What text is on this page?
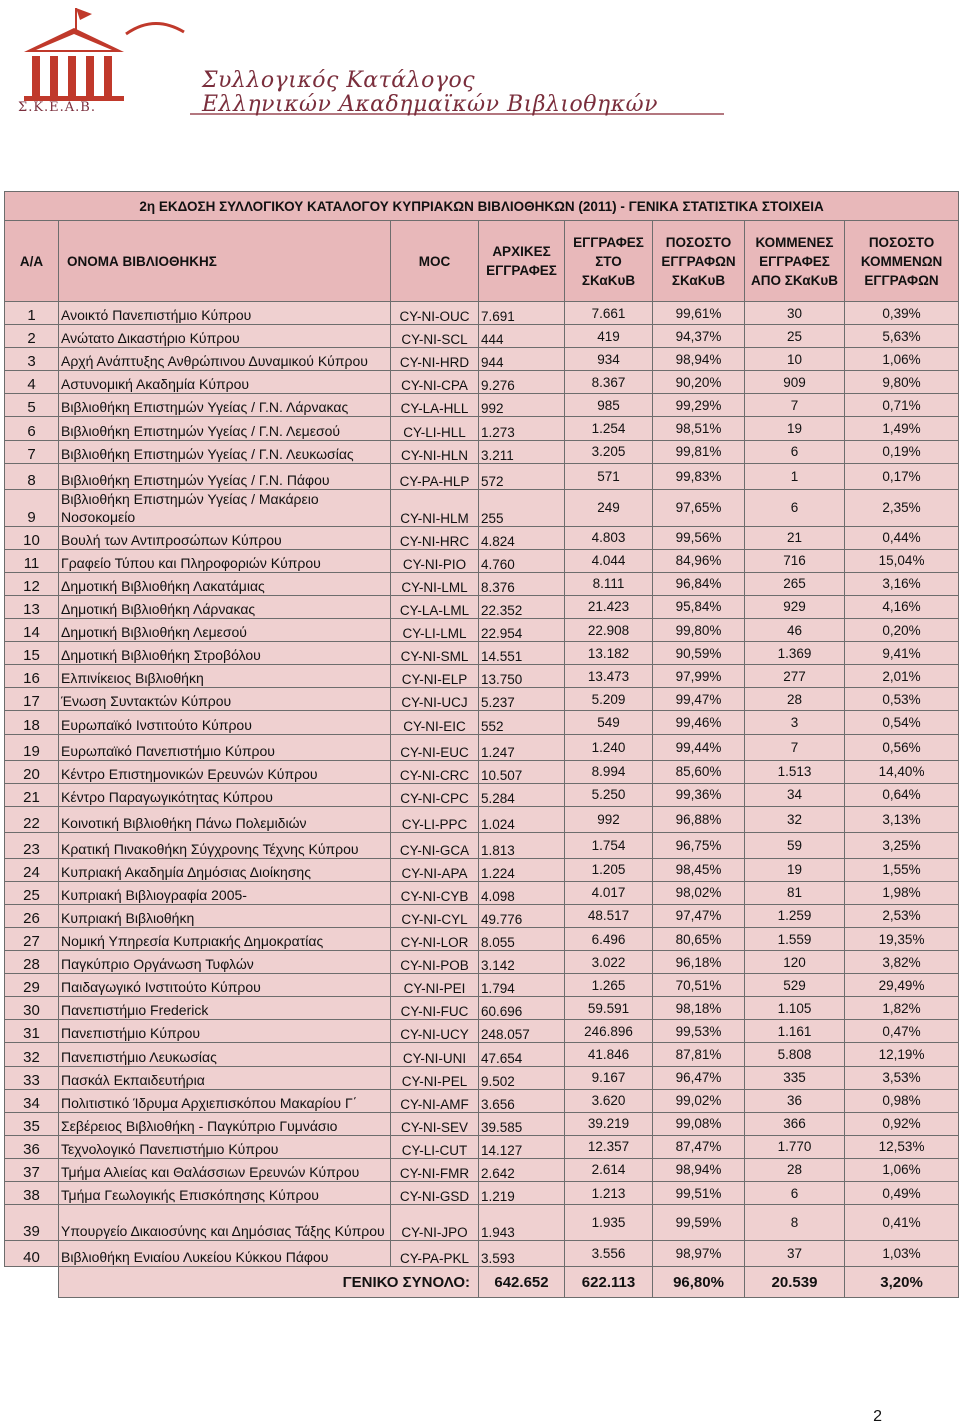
Σ.Κ.Ε.Α.Β.
Συλλογικός Κατάλογος
Ελληνικών Ακαδημαϊκών Βιβλιοθηκών
2η ΕΚΔΟΣΗ ΣΥΛΛΟΓΙΚΟΥ ΚΑΤΑΛΟΓΟΥ ΚΥΠΡΙΑΚΩΝ ΒΙΒΛΙΟΘΗΚΩΝ (2011) - ΓΕΝΙΚΑ ΣΤΑΤΙΣΤΙΚΑ ΣΤΟΙΧΕΙΑ							
Α/Α	ΟΝΟΜΑ ΒΙΒΛΙΟΘΗΚΗΣ	MOC	ΑΡΧΙΚΕΣ ΕΓΓΡΑΦΕΣ	ΕΓΓΡΑΦΕΣ ΣΤΟ ΣΚαΚυΒ	ΠΟΣΟΣΤΟ ΕΓΓΡΑΦΩΝ ΣΚαΚυΒ	ΚΟΜΜΕΝΕΣ ΕΓΓΡΑΦΕΣ ΑΠΟ ΣΚαΚυΒ	ΠΟΣΟΣΤΟ ΚΟΜΜΕΝΩΝ ΕΓΓΡΑΦΩΝ
1	Ανοικτό Πανεπιστήμιο Κύπρου	CY-NI-OUC	7.691	7.661	99,61%	30	0,39%
2	Ανώτατο Δικαστήριο Κύπρου	CY-NI-SCL	444	419	94,37%	25	5,63%
3	Αρχή Ανάπτυξης Ανθρώπινου Δυναμικού Κύπρου	CY-NI-HRD	944	934	98,94%	10	1,06%
4	Αστυνομική Ακαδημία Κύπρου	CY-NI-CPA	9.276	8.367	90,20%	909	9,80%
5	Βιβλιοθήκη Επιστημών Υγείας / Γ.Ν. Λάρνακας	CY-LA-HLL	992	985	99,29%	7	0,71%
6	Βιβλιοθήκη Επιστημών Υγείας / Γ.Ν. Λεμεσού	CY-LI-HLL	1.273	1.254	98,51%	19	1,49%
7	Βιβλιοθήκη Επιστημών Υγείας / Γ.Ν. Λευκωσίας	CY-NI-HLN	3.211	3.205	99,81%	6	0,19%
8	Βιβλιοθήκη Επιστημών Υγείας / Γ.Ν. Πάφου	CY-PA-HLP	572	571	99,83%	1	0,17%
9	Βιβλιοθήκη Επιστημών Υγείας / Μακάρειο Νοσοκομείο	CY-NI-HLM	255	249	97,65%	6	2,35%
10	Βουλή των Αντιπροσώπων Κύπρου	CY-NI-HRC	4.824	4.803	99,56%	21	0,44%
11	Γραφείο Τύπου και Πληροφοριών Κύπρου	CY-NI-PIO	4.760	4.044	84,96%	716	15,04%
12	Δημοτική Βιβλιοθήκη Λακατάμιας	CY-NI-LML	8.376	8.111	96,84%	265	3,16%
13	Δημοτική Βιβλιοθήκη Λάρνακας	CY-LA-LML	22.352	21.423	95,84%	929	4,16%
14	Δημοτική Βιβλιοθήκη Λεμεσού	CY-LI-LML	22.954	22.908	99,80%	46	0,20%
15	Δημοτική Βιβλιοθήκη Στροβόλου	CY-NI-SML	14.551	13.182	90,59%	1.369	9,41%
16	Ελπινίκειος Βιβλιοθήκη	CY-NI-ELP	13.750	13.473	97,99%	277	2,01%
17	Ένωση Συντακτών Κύπρου	CY-NI-UCJ	5.237	5.209	99,47%	28	0,53%
18	Ευρωπαϊκό Ινστιτούτο Κύπρου	CY-NI-EIC	552	549	99,46%	3	0,54%
19	Ευρωπαϊκό Πανεπιστήμιο Κύπρου	CY-NI-EUC	1.247	1.240	99,44%	7	0,56%
20	Κέντρο Επιστημονικών Ερευνών Κύπρου	CY-NI-CRC	10.507	8.994	85,60%	1.513	14,40%
21	Κέντρο Παραγωγικότητας Κύπρου	CY-NI-CPC	5.284	5.250	99,36%	34	0,64%
22	Κοινοτική Βιβλιοθήκη Πάνω Πολεμιδιών	CY-LI-PPC	1.024	992	96,88%	32	3,13%
23	Κρατική Πινακοθήκη Σύγχρονης Τέχνης Κύπρου	CY-NI-GCA	1.813	1.754	96,75%	59	3,25%
24	Κυπριακή Ακαδημία Δημόσιας Διοίκησης	CY-NI-APA	1.224	1.205	98,45%	19	1,55%
25	Κυπριακή Βιβλιογραφία 2005-	CY-NI-CYB	4.098	4.017	98,02%	81	1,98%
26	Κυπριακή Βιβλιοθήκη	CY-NI-CYL	49.776	48.517	97,47%	1.259	2,53%
27	Νομική Υπηρεσία Κυπριακής Δημοκρατίας	CY-NI-LOR	8.055	6.496	80,65%	1.559	19,35%
28	Παγκύπριο Οργάνωση Τυφλών	CY-NI-POB	3.142	3.022	96,18%	120	3,82%
29	Παιδαγωγικό Ινστιτούτο Κύπρου	CY-NI-PEI	1.794	1.265	70,51%	529	29,49%
30	Πανεπιστήμιο Frederick	CY-NI-FUC	60.696	59.591	98,18%	1.105	1,82%
31	Πανεπιστήμιο Κύπρου	CY-NI-UCY	248.057	246.896	99,53%	1.161	0,47%
32	Πανεπιστήμιο Λευκωσίας	CY-NI-UNI	47.654	41.846	87,81%	5.808	12,19%
33	Πασκάλ Εκπαιδευτήρια	CY-NI-PEL	9.502	9.167	96,47%	335	3,53%
34	Πολιτιστικό Ίδρυμα Αρχιεπισκόπου Μακαρίου Γ΄	CY-NI-AMF	3.656	3.620	99,02%	36	0,98%
35	Σεβέρειος Βιβλιοθήκη - Παγκύπριο Γυμνάσιο	CY-NI-SEV	39.585	39.219	99,08%	366	0,92%
36	Τεχνολογικό Πανεπιστήμιο Κύπρου	CY-LI-CUT	14.127	12.357	87,47%	1.770	12,53%
37	Τμήμα Αλιείας και Θαλάσσιων Ερευνών Κύπρου	CY-NI-FMR	2.642	2.614	98,94%	28	1,06%
38	Τμήμα Γεωλογικής Επισκόπησης Κύπρου	CY-NI-GSD	1.219	1.213	99,51%	6	0,49%
39	Υπουργείο Δικαιοσύνης και Δημόσιας Τάξης Κύπρου	CY-NI-JPO	1.943	1.935	99,59%	8	0,41%
40	Βιβλιοθήκη Ενιαίου Λυκείου Κύκκου Πάφου	CY-PA-PKL	3.593	3.556	98,97%	37	1,03%
	ΓΕΝΙΚΟ ΣΥΝΟΛΟ:		642.652	622.113	96,80%	20.539	3,20%
2
